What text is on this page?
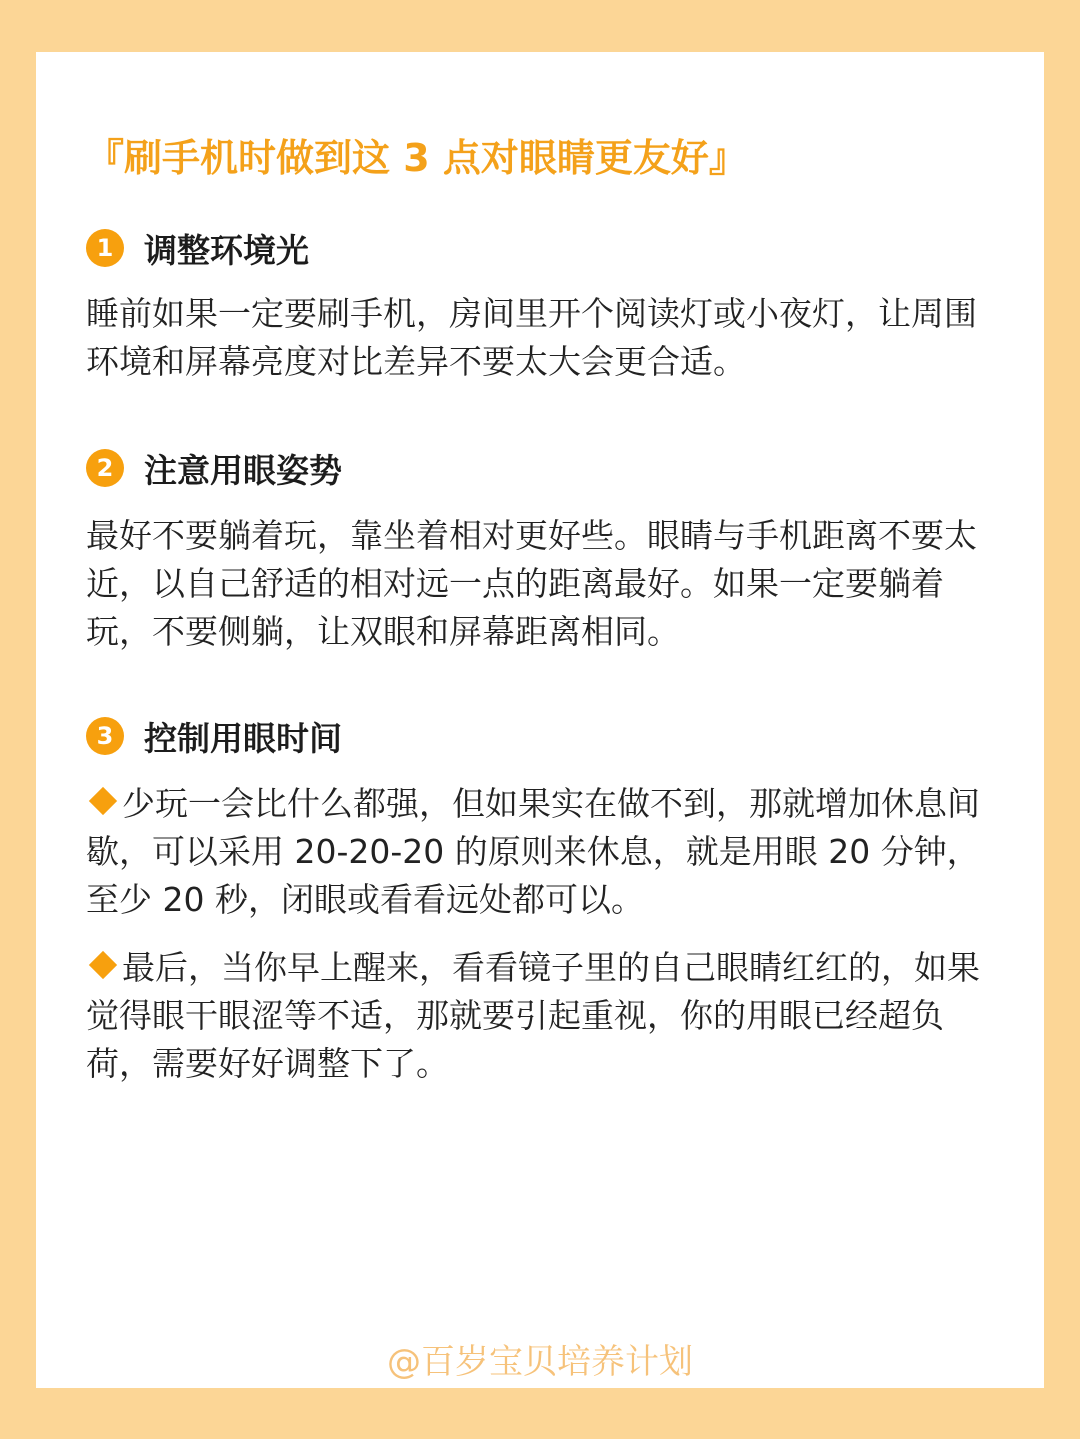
『刷手机时做到这 3 点对眼睛更友好』
1 调整环境光

睡前如果一定要刷手机，房间里开个阅读灯或小夜灯，让周围环境和屏幕亮度对比差异不要太大会更合适。

2 注意用眼姿势

最好不要躺着玩，靠坐着相对更好些。眼睛与手机距离不要太近，以自己舒适的相对远一点的距离最好。如果一定要躺着玩，不要侧躺，让双眼和屏幕距离相同。

3 控制用眼时间

少玩一会比什么都强，但如果实在做不到，那就增加休息间歇，可以采用 20-20-20 的原则来休息，就是用眼 20 分钟，至少 20 秒，闭眼或看看远处都可以。

最后，当你早上醒来，看看镜子里的自己眼睛红红的，如果觉得眼干眼涩等不适，那就要引起重视，你的用眼已经超负荷，需要好好调整下了。

@百岁宝贝培养计划
